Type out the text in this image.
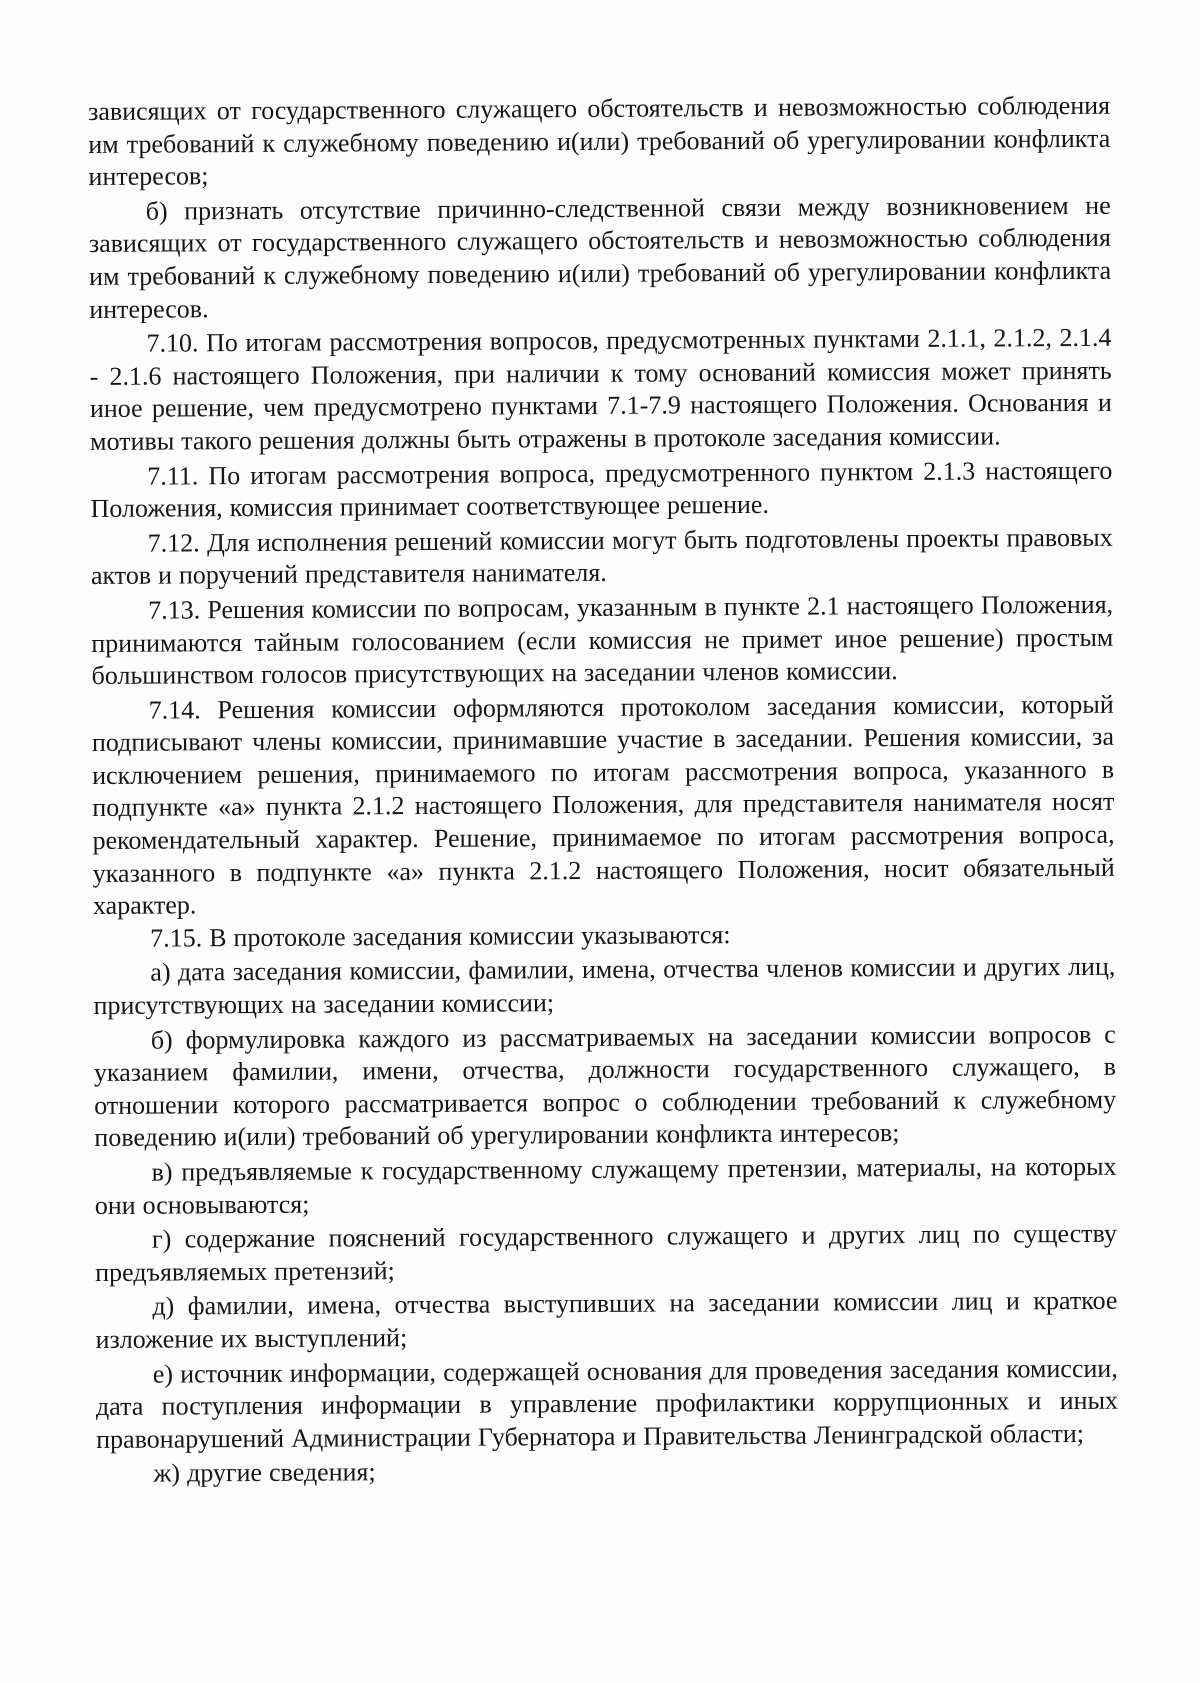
зависящих от государственного служащего обстоятельств и невозможностью соблюдения им требований к служебному поведению и(или) требований об урегулировании конфликта интересов;

б) признать отсутствие причинно-следственной связи между возникновением не зависящих от государственного служащего обстоятельств и невозможностью соблюдения им требований к служебному поведению и(или) требований об урегулировании конфликта интересов.

7.10. По итогам рассмотрения вопросов, предусмотренных пунктами 2.1.1, 2.1.2, 2.1.4 - 2.1.6 настоящего Положения, при наличии к тому оснований комиссия может принять иное решение, чем предусмотрено пунктами 7.1-7.9 настоящего Положения. Основания и мотивы такого решения должны быть отражены в протоколе заседания комиссии.

7.11. По итогам рассмотрения вопроса, предусмотренного пунктом 2.1.3 настоящего Положения, комиссия принимает соответствующее решение.

7.12. Для исполнения решений комиссии могут быть подготовлены проекты правовых актов и поручений представителя нанимателя.

7.13. Решения комиссии по вопросам, указанным в пункте 2.1 настоящего Положения, принимаются тайным голосованием (если комиссия не примет иное решение) простым большинством голосов присутствующих на заседании членов комиссии.

7.14. Решения комиссии оформляются протоколом заседания комиссии, который подписывают члены комиссии, принимавшие участие в заседании. Решения комиссии, за исключением решения, принимаемого по итогам рассмотрения вопроса, указанного в подпункте «а» пункта 2.1.2 настоящего Положения, для представителя нанимателя носят рекомендательный характер. Решение, принимаемое по итогам рассмотрения вопроса, указанного в подпункте «а» пункта 2.1.2 настоящего Положения, носит обязательный характер.

7.15. В протоколе заседания комиссии указываются:

а) дата заседания комиссии, фамилии, имена, отчества членов комиссии и других лиц, присутствующих на заседании комиссии;

б) формулировка каждого из рассматриваемых на заседании комиссии вопросов с указанием фамилии, имени, отчества, должности государственного служащего, в отношении которого рассматривается вопрос о соблюдении требований к служебному поведению и(или) требований об урегулировании конфликта интересов;

в) предъявляемые к государственному служащему претензии, материалы, на которых они основываются;

г) содержание пояснений государственного служащего и других лиц по существу предъявляемых претензий;

д) фамилии, имена, отчества выступивших на заседании комиссии лиц и краткое изложение их выступлений;

е) источник информации, содержащей основания для проведения заседания комиссии, дата поступления информации в управление профилактики коррупционных и иных правонарушений Администрации Губернатора и Правительства Ленинградской области;

ж) другие сведения;
